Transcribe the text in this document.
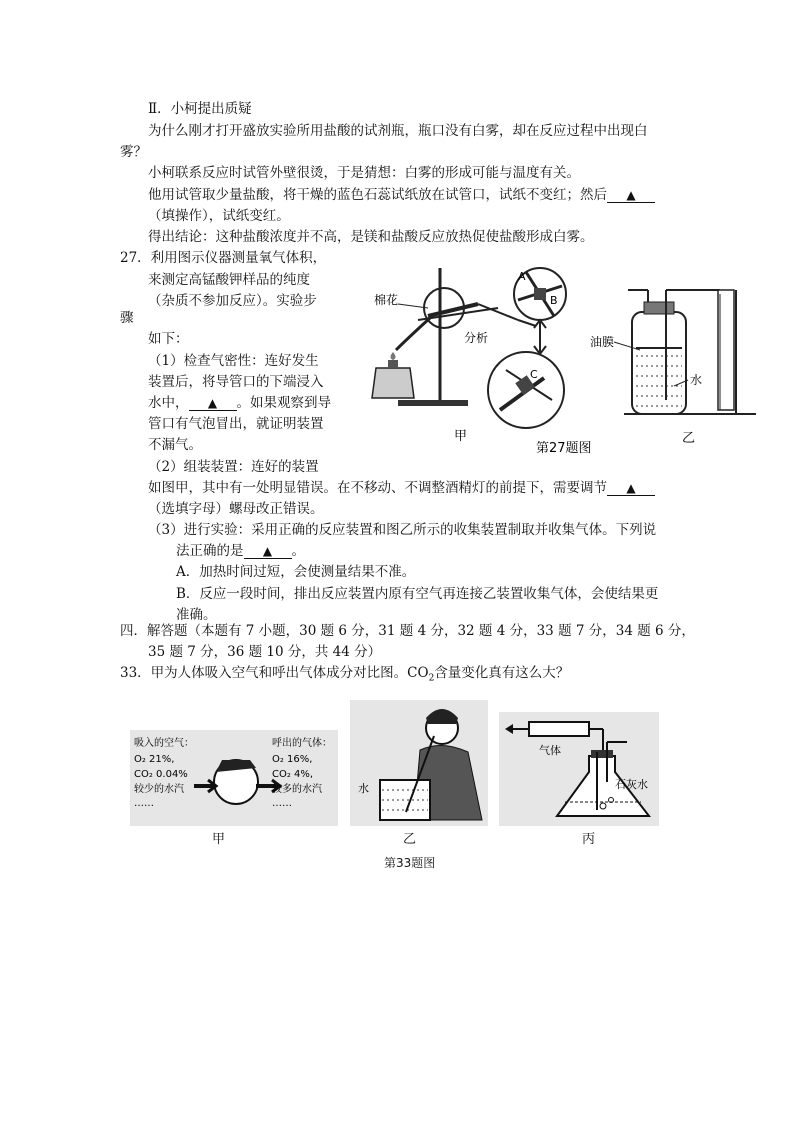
Ⅱ．小柯提出质疑
为什么刚才打开盛放实验所用盐酸的试剂瓶，瓶口没有白雾，却在反应过程中出现白
雾？
小柯联系反应时试管外壁很烫，于是猜想：白雾的形成可能与温度有关。
他用试管取少量盐酸，将干燥的蓝色石蕊试纸放在试管口，试纸不变红；然后 ▲
（填操作），试纸变红。
得出结论：这种盐酸浓度并不高，是镁和盐酸反应放热促使盐酸形成白雾。
27．利用图示仪器测量氧气体积，
来测定高锰酸钾样品的纯度
（杂质不参加反应）。实验步
骤
如下：
（1）检查气密性：连好发生
装置后，将导管口的下端浸入
水中， ▲ 。如果观察到导
管口有气泡冒出，就证明装置
不漏气。
（2）组装装置：连好的装置
如图甲，其中有一处明显错误。在不移动、不调整酒精灯的前提下，需要调节 ▲
（选填字母）螺母改正错误。
（3）进行实验：采用正确的反应装置和图乙所示的收集装置制取并收集气体。下列说
法正确的是 ▲ 。
A．加热时间过短，会使测量结果不准。
B．反应一段时间，排出反应装置内原有空气再连接乙装置收集气体，会使结果更
准确。
棉花
分析
A
B
C
油膜
水
甲
第27题图
乙
四．解答题（本题有 7 小题，30 题 6 分，31 题 4 分，32 题 4 分，33 题 7 分，34 题 6 分，
35 题 7 分，36 题 10 分，共 44 分）
33．甲为人体吸入空气和呼出气体成分对比图。$CO_2$含量变化真有这么大？
吸入的空气：
O₂ 21%,
CO₂ 0.04%
较少的水汽
……
呼出的气体：
O₂ 16%,
CO₂ 4%,
较多的水汽
……
甲
水
乙
气体
石灰水
丙
第33题图
